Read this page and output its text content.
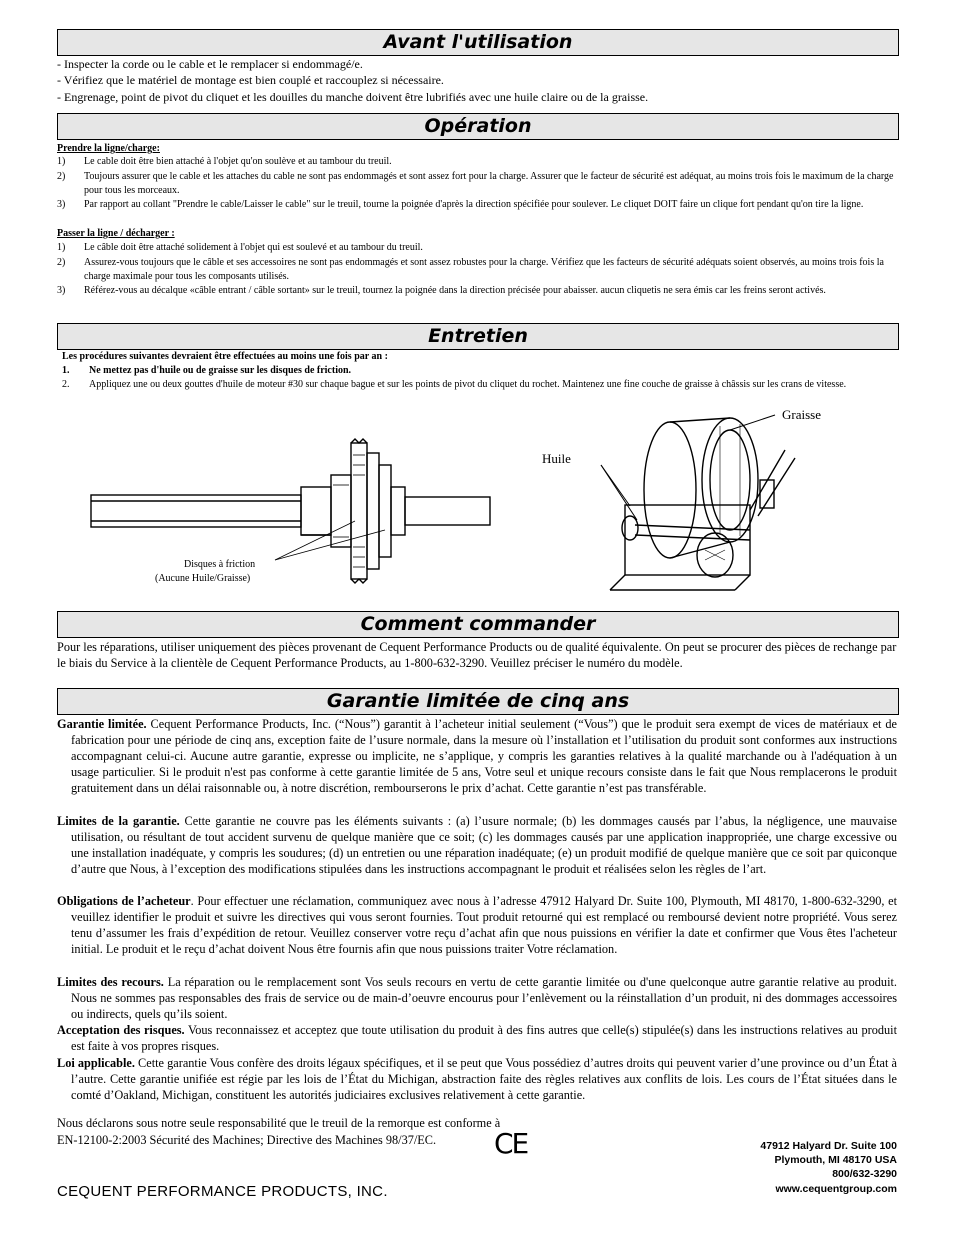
Avant l'utilisation
- Inspecter la corde ou le cable et le remplacer si endommagé/e.
- Vérifiez que le matériel de montage est bien couplé et raccouplez si nécessaire.
- Engrenage, point de pivot du cliquet et les douilles du manche doivent être lubrifiés avec une huile claire ou de la graisse.
Opération
Prendre la ligne/charge:
1) Le cable doit être bien attaché à l'objet qu'on soulève et au tambour du treuil.
2) Toujours assurer que le cable et les attaches du cable ne sont pas endommagés et sont assez fort pour la charge. Assurer que le facteur de sécurité est adéquat, au moins trois fois le maximum de la charge pour tous les morceaux.
3) Par rapport au collant "Prendre le cable/Laisser le cable" sur le treuil, tourne la poignée d'après la direction spécifiée pour soulever. Le cliquet DOIT faire un clique fort pendant qu'on tire la ligne.
Passer la ligne / décharger :
1) Le câble doit être attaché solidement à l'objet qui est soulevé et au tambour du treuil.
2) Assurez-vous toujours que le câble et ses accessoires ne sont pas endommagés et sont assez robustes pour la charge. Vérifiez que les facteurs de sécurité adéquats soient observés, au moins trois fois la charge maximale pour tous les composants utilisés.
3) Référez-vous au décalque «câble entrant / câble sortant» sur le treuil, tournez la poignée dans la direction précisée pour abaisser. aucun cliquetis ne sera émis car les freins seront activés.
Entretien
Les procédures suivantes devraient être effectuées au moins une fois par an :
1. Ne mettez pas d'huile ou de graisse sur les disques de friction.
2. Appliquez une ou deux gouttes d'huile de moteur #30 sur chaque bague et sur les points de pivot du cliquet du rochet. Maintenez une fine couche de graisse à châssis sur les crans de vitesse.
Disques à friction
(Aucune Huile/Graisse)
Huile
Graisse
Comment commander
Pour les réparations, utiliser uniquement des pièces provenant de Cequent Performance Products ou de qualité équivalente. On peut se procurer des pièces de rechange par le biais du Service à la clientèle de Cequent Performance Products, au 1-800-632-3290. Veuillez préciser le numéro du modèle.
Garantie limitée de cinq ans
Garantie limitée. Cequent Performance Products, Inc. (“Nous”) garantit à l’acheteur initial seulement (“Vous”) que le produit sera exempt de vices de matériaux et de fabrication pour une période de cinq ans, exception faite de l’usure normale, dans la mesure où l’installation et l’utilisation du produit sont conformes aux instructions accompagnant celui-ci. Aucune autre garantie, expresse ou implicite, ne s’applique, y compris les garanties relatives à la qualité marchande ou à l'adéquation à un usage particulier. Si le produit n'est pas conforme à cette garantie limitée de 5 ans, Votre seul et unique recours consiste dans le fait que Nous remplacerons le produit gratuitement dans un délai raisonnable ou, à notre discrétion, rembourserons le prix d’achat. Cette garantie n’est pas transférable.
Limites de la garantie. Cette garantie ne couvre pas les éléments suivants : (a) l’usure normale; (b) les dommages causés par l’abus, la négligence, une mauvaise utilisation, ou résultant de tout accident survenu de quelque manière que ce soit; (c) les dommages causés par une application inappropriée, une charge excessive ou une installation inadéquate, y compris les soudures; (d) un entretien ou une réparation inadéquate; (e) un produit modifié de quelque manière que ce soit par quiconque d’autre que Nous, à l’exception des modifications stipulées dans les instructions accompagnant le produit et réalisées selon les règles de l’art.
Obligations de l’acheteur. Pour effectuer une réclamation, communiquez avec nous à l’adresse 47912 Halyard Dr. Suite 100, Plymouth, MI 48170, 1-800-632-3290, et veuillez identifier le produit et suivre les directives qui vous seront fournies. Tout produit retourné qui est remplacé ou remboursé devient notre propriété. Vous serez tenu d’assumer les frais d’expédition de retour. Veuillez conserver votre reçu d’achat afin que nous puissions en vérifier la date et confirmer que Vous êtes l'acheteur initial. Le produit et le reçu d’achat doivent Nous être fournis afin que nous puissions traiter Votre réclamation.
Limites des recours. La réparation ou le remplacement sont Vos seuls recours en vertu de cette garantie limitée ou d'une quelconque autre garantie relative au produit. Nous ne sommes pas responsables des frais de service ou de main-d’oeuvre encourus pour l’enlèvement ou la réinstallation d’un produit, ni des dommages accessoires ou indirects, quels qu’ils soient.
Acceptation des risques. Vous reconnaissez et acceptez que toute utilisation du produit à des fins autres que celle(s) stipulée(s) dans les instructions relatives au produit est faite à vos propres risques.
Loi applicable. Cette garantie Vous confère des droits légaux spécifiques, et il se peut que Vous possédiez d’autres droits qui peuvent varier d’une province ou d’un État à l’autre. Cette garantie unifiée est régie par les lois de l’État du Michigan, abstraction faite des règles relatives aux conflits de lois. Les cours de l’État situées dans le comté d’Oakland, Michigan, constituent les autorités judiciaires exclusives relativement à cette garantie.
Nous déclarons sous notre seule responsabilité que le treuil de la remorque est conforme à
EN-12100-2:2003 Sécurité des Machines; Directive des Machines 98/37/EC. CE	47912 Halyard Dr. Suite 100
Plymouth, MI 48170 USA
800/632-3290
www.cequentgroup.com
CEQUENT PERFORMANCE PRODUCTS, INC.
